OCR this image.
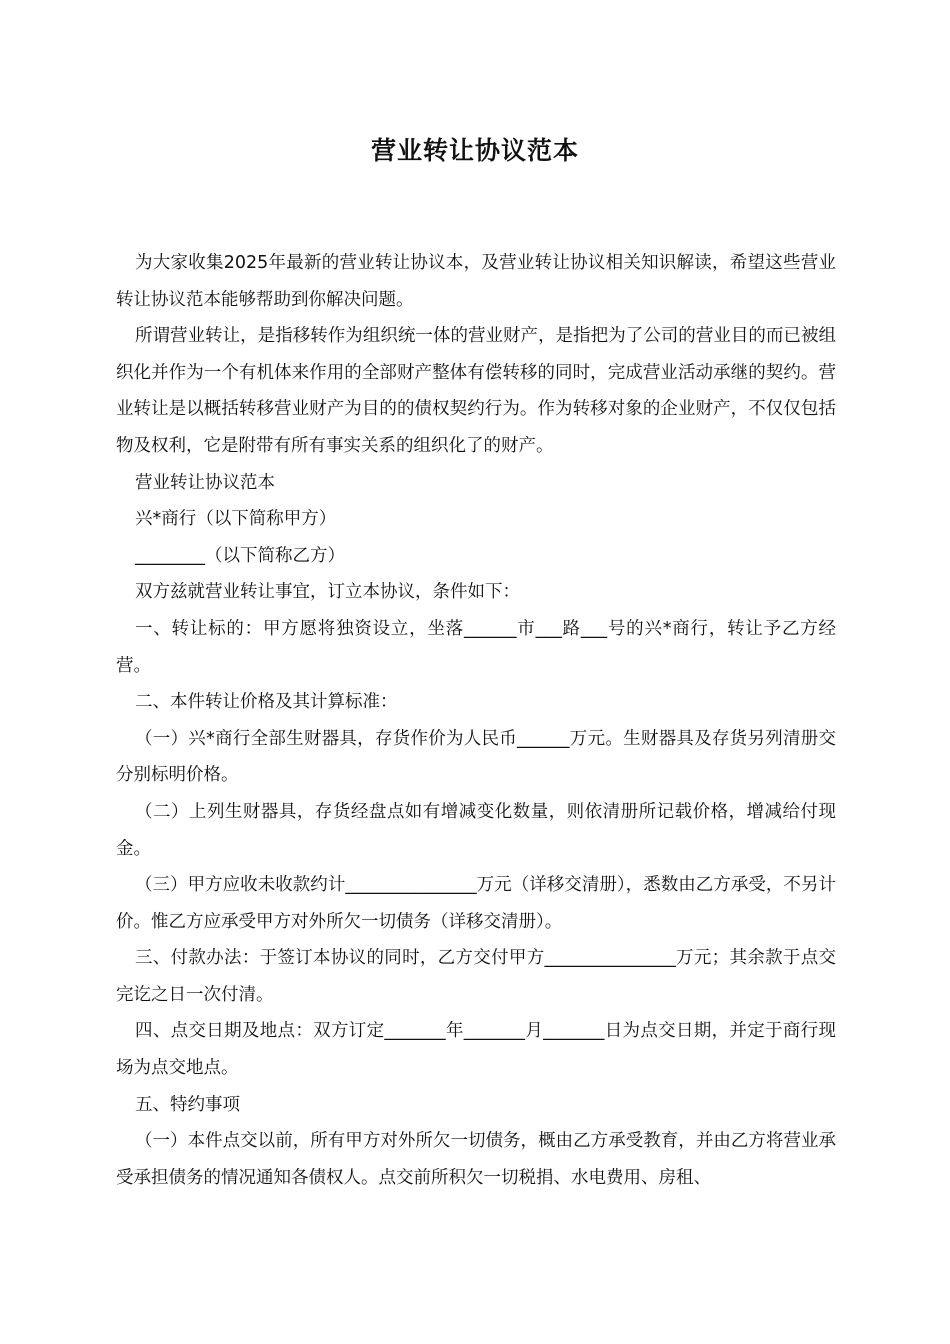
营业转让协议范本

为大家收集2025年最新的营业转让协议本，及营业转让协议相关知识解读，希望这些营业转让协议范本能够帮助到你解决问题。

所谓营业转让，是指移转作为组织统一体的营业财产，是指把为了公司的营业目的而已被组织化并作为一个有机体来作用的全部财产整体有偿转移的同时，完成营业活动承继的契约。营业转让是以概括转移营业财产为目的的债权契约行为。作为转移对象的企业财产，不仅仅包括物及权利，它是附带有所有事实关系的组织化了的财产。

营业转让协议范本

兴*商行（以下简称甲方）

________（以下简称乙方）

双方兹就营业转让事宜，订立本协议，条件如下：

一、转让标的：甲方愿将独资设立，坐落______市___路___号的兴*商行，转让予乙方经营。

二、本件转让价格及其计算标准：

（一）兴*商行全部生财器具，存货作价为人民币______万元。生财器具及存货另列清册交分别标明价格。

（二）上列生财器具，存货经盘点如有增减变化数量，则依清册所记载价格，增减给付现金。

（三）甲方应收未收款约计_______________万元（详移交清册），悉数由乙方承受，不另计价。惟乙方应承受甲方对外所欠一切债务（详移交清册）。

三、付款办法：于签订本协议的同时，乙方交付甲方_______________万元；其余款于点交完讫之日一次付清。

四、点交日期及地点：双方订定_______年_______月_______日为点交日期，并定于商行现场为点交地点。

五、特约事项

（一）本件点交以前，所有甲方对外所欠一切债务，概由乙方承受教育，并由乙方将营业承受承担债务的情况通知各债权人。点交前所积欠一切税捐、水电费用、房租、
